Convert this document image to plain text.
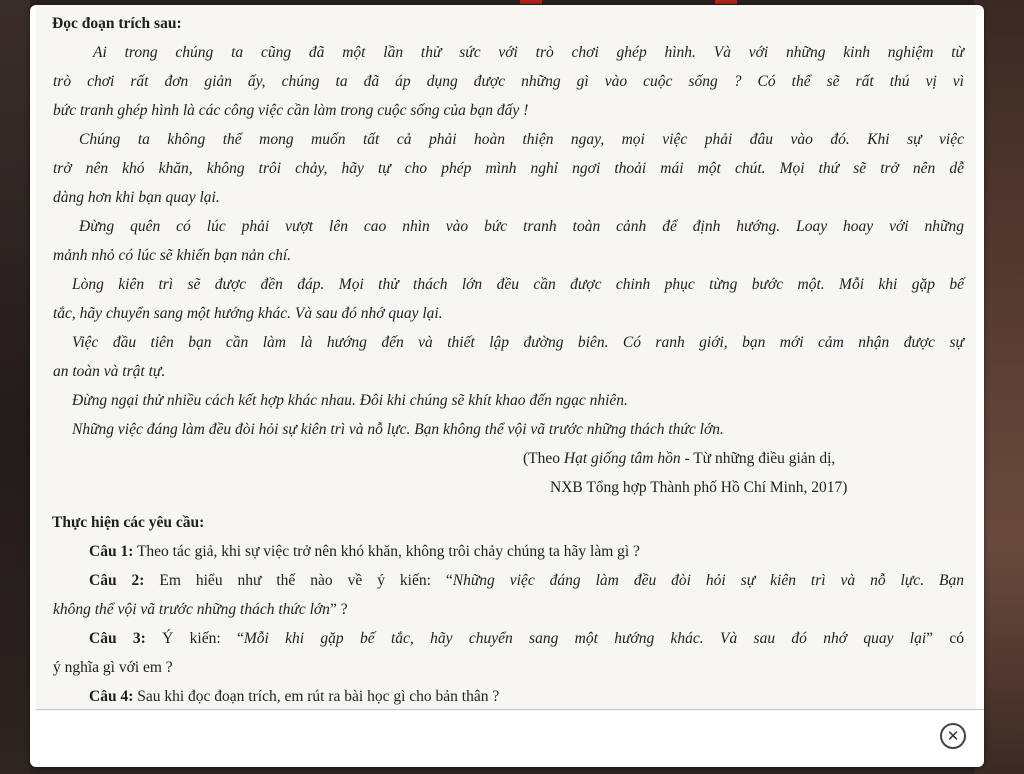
Đọc đoạn trích sau:
Ai trong chúng ta cũng đã một lần thử sức với trò chơi ghép hình. Và với những kinh nghiệm từ
trò chơi rất đơn giản ấy, chúng ta đã áp dụng được những gì vào cuộc sống ? Có thể sẽ rất thú vị vì
bức tranh ghép hình là các công việc cần làm trong cuộc sống của bạn đấy !
Chúng ta không thể mong muốn tất cả phải hoàn thiện ngay, mọi việc phải đâu vào đó. Khi sự việc
trở nên khó khăn, không trôi chảy, hãy tự cho phép mình nghỉ ngơi thoải mái một chút. Mọi thứ sẽ trở nên dễ
dàng hơn khi bạn quay lại.
Đừng quên có lúc phải vượt lên cao nhìn vào bức tranh toàn cảnh để định hướng. Loay hoay với những
mảnh nhỏ có lúc sẽ khiến bạn nản chí.
Lòng kiên trì sẽ được đền đáp. Mọi thử thách lớn đều cần được chinh phục từng bước một. Mỗi khi gặp bế
tắc, hãy chuyển sang một hướng khác. Và sau đó nhớ quay lại.
Việc đầu tiên bạn cần làm là hướng đến và thiết lập đường biên. Có ranh giới, bạn mới cảm nhận được sự
an toàn và trật tự.
Đừng ngại thử nhiều cách kết hợp khác nhau. Đôi khi chúng sẽ khít khao đến ngạc nhiên.
Những việc đáng làm đều đòi hỏi sự kiên trì và nỗ lực. Bạn không thể vội vã trước những thách thức lớn.
(Theo Hạt giống tâm hồn - Từ những điều giản dị,
NXB Tổng hợp Thành phố Hồ Chí Minh, 2017)
Thực hiện các yêu cầu:
Câu 1: Theo tác giả, khi sự việc trở nên khó khăn, không trôi chảy chúng ta hãy làm gì ?
Câu 2: Em hiểu như thế nào về ý kiến: “Những việc đáng làm đều đòi hỏi sự kiên trì và nỗ lực. Bạn
không thể vội vã trước những thách thức lớn” ?
Câu 3: Ý kiến: “Mỗi khi gặp bế tắc, hãy chuyển sang một hướng khác. Và sau đó nhớ quay lại” có
ý nghĩa gì với em ?
Câu 4: Sau khi đọc đoạn trích, em rút ra bài học gì cho bản thân ?
✕
